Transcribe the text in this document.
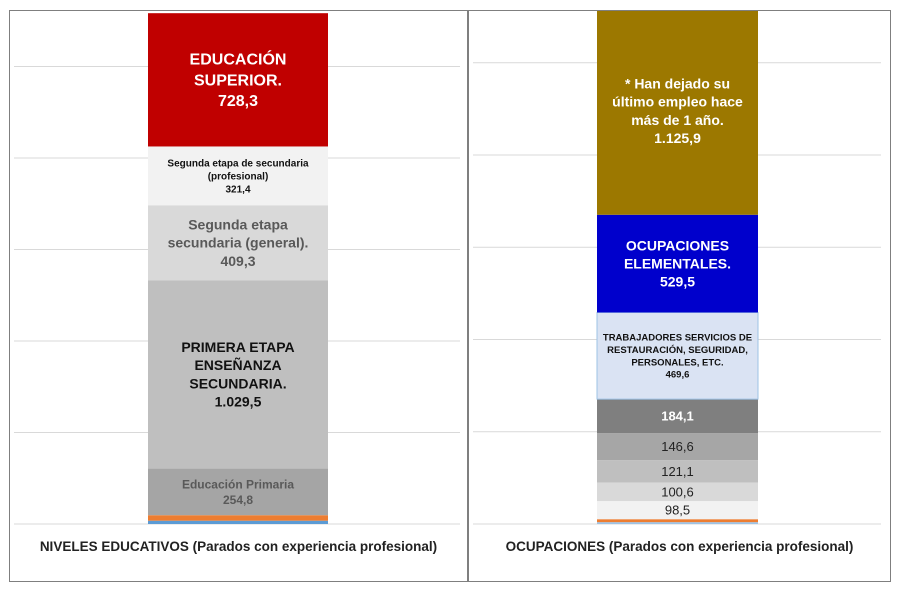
Educación Primaria 254,8
PRIMERA ETAPA ENSEÑANZA SECUNDARIA. 1.029,5
Segunda etapa secundaria (general). 409,3
Segunda etapa de secundaria (profesional) 321,4
EDUCACIÓN SUPERIOR. 728,3
NIVELES EDUCATIVOS (Parados con experiencia profesional)
98,5
100,6
121,1
146,6
184,1
TRABAJADORES SERVICIOS DE RESTAURACIÓN, SEGURIDAD, PERSONALES, ETC. 469,6
OCUPACIONES ELEMENTALES. 529,5
* Han dejado su último empleo hace más de 1 año. 1.125,9
OCUPACIONES (Parados con experiencia profesional)
